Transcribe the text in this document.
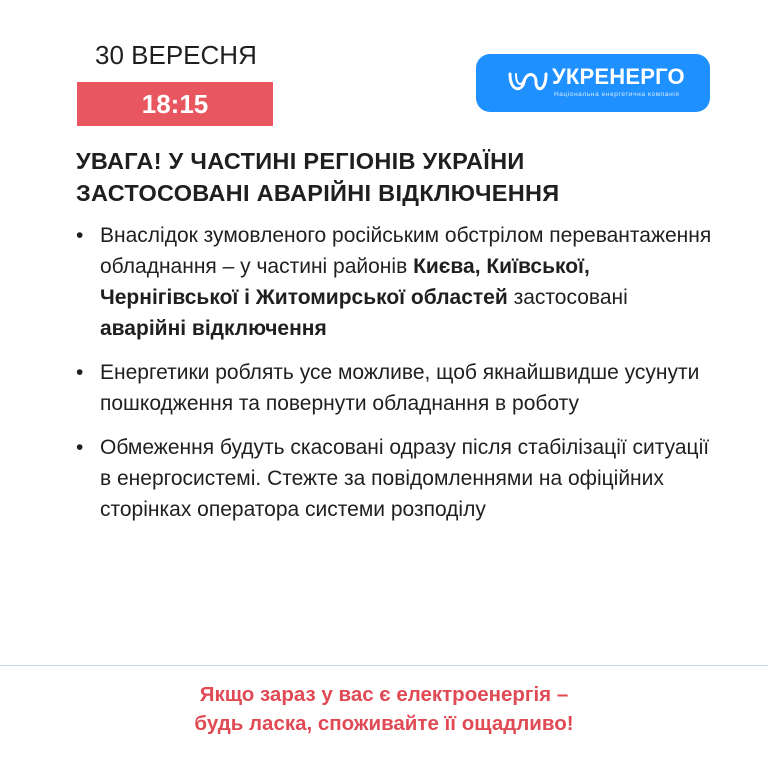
30 ВЕРЕСНЯ
18:15
УКРЕНЕРГО
Національна енергетична компанія
УВАГА! У ЧАСТИНІ РЕГІОНІВ УКРАЇНИ
ЗАСТОСОВАНІ АВАРІЙНІ ВІДКЛЮЧЕННЯ
• Внаслідок зумовленого російським обстрілом перевантаження обладнання – у частині районів Києва, Київської, Чернігівської і Житомирської областей застосовані аварійні відключення
• Енергетики роблять усе можливе, щоб якнайшвидше усунути пошкодження та повернути обладнання в роботу
• Обмеження будуть скасовані одразу після стабілізації ситуації в енергосистемі. Стежте за повідомленнями на офіційних сторінках оператора системи розподілу
Якщо зараз у вас є електроенергія –
будь ласка, споживайте її ощадливо!
